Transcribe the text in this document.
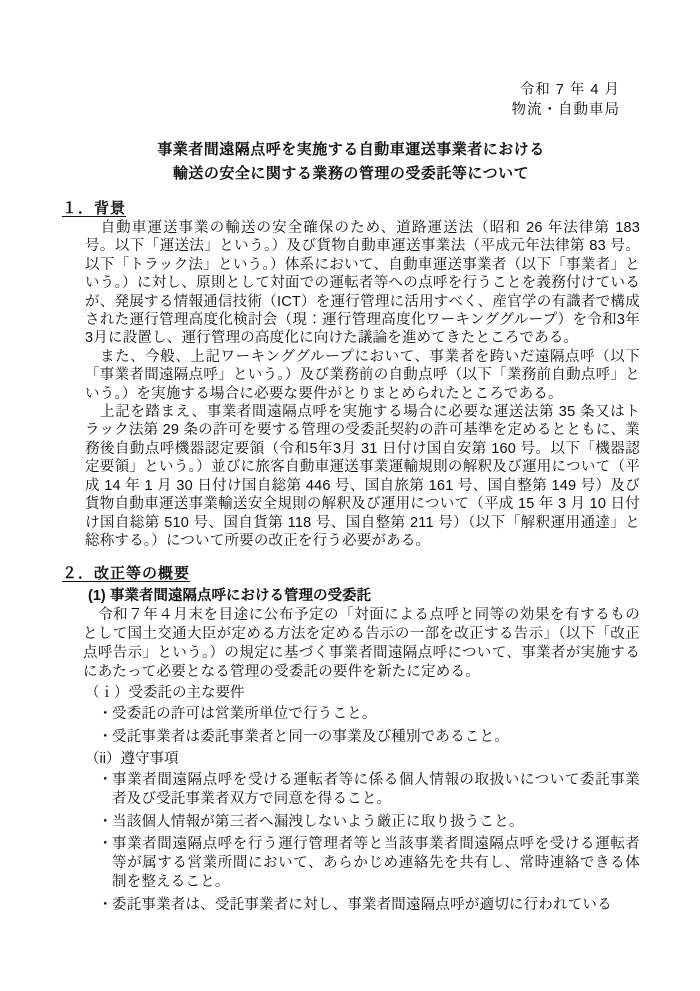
令和 7 年 4 月
物流・自動車局
事業者間遠隔点呼を実施する自動車運送事業者における
輸送の安全に関する業務の管理の受委託等について
１．背景

　自動車運送事業の輸送の安全確保のため、道路運送法（昭和 26 年法律第 183 号。以下「運送法」という。）及び貨物自動車運送事業法（平成元年法律第 83 号。以下「トラック法」という。）体系において、自動車運送事業者（以下「事業者」という。）に対し、原則として対面での運転者等への点呼を行うことを義務付けているが、発展する情報通信技術（ICT）を運行管理に活用すべく、産官学の有識者で構成された運行管理高度化検討会（現：運行管理高度化ワーキンググループ）を令和3年3月に設置し、運行管理の高度化に向けた議論を進めてきたところである。

　また、今般、上記ワーキンググループにおいて、事業者を跨いだ遠隔点呼（以下「事業者間遠隔点呼」という。）及び業務前の自動点呼（以下「業務前自動点呼」という。）を実施する場合に必要な要件がとりまとめられたところである。

　上記を踏まえ、事業者間遠隔点呼を実施する場合に必要な運送法第 35 条又はトラック法第 29 条の許可を要する管理の受委託契約の許可基準を定めるとともに、業務後自動点呼機器認定要領（令和5年3月 31 日付け国自安第 160 号。以下「機器認定要領」という。）並びに旅客自動車運送事業運輸規則の解釈及び運用について（平成 14 年 1 月 30 日付け国自総第 446 号、国自旅第 161 号、国自整第 149 号）及び貨物自動車運送事業輸送安全規則の解釈及び運用について（平成 15 年 3 月 10 日付け国自総第 510 号、国自貨第 118 号、国自整第 211 号）（以下「解釈運用通達」と総称する。）について所要の改正を行う必要がある。

２．改正等の概要
(1) 事業者間遠隔点呼における管理の受委託

　令和７年４月末を目途に公布予定の「対面による点呼と同等の効果を有するものとして国土交通大臣が定める方法を定める告示の一部を改正する告示」（以下「改正点呼告示」という。）の規定に基づく事業者間遠隔点呼について、事業者が実施するにあたって必要となる管理の受委託の要件を新たに定める。

（ｉ）受委託の主な要件
・ 受委託の許可は営業所単位で行うこと。
・ 受託事業者は委託事業者と同一の事業及び種別であること。
（ii）遵守事項
・ 事業者間遠隔点呼を受ける運転者等に係る個人情報の取扱いについて委託事業者及び受託事業者双方で同意を得ること。
・ 当該個人情報が第三者へ漏洩しないよう厳正に取り扱うこと。
・ 事業者間遠隔点呼を行う運行管理者等と当該事業者間遠隔点呼を受ける運転者等が属する営業所間において、あらかじめ連絡先を共有し、常時連絡できる体制を整えること。
・ 委託事業者は、受託事業者に対し、事業者間遠隔点呼が適切に行われている
